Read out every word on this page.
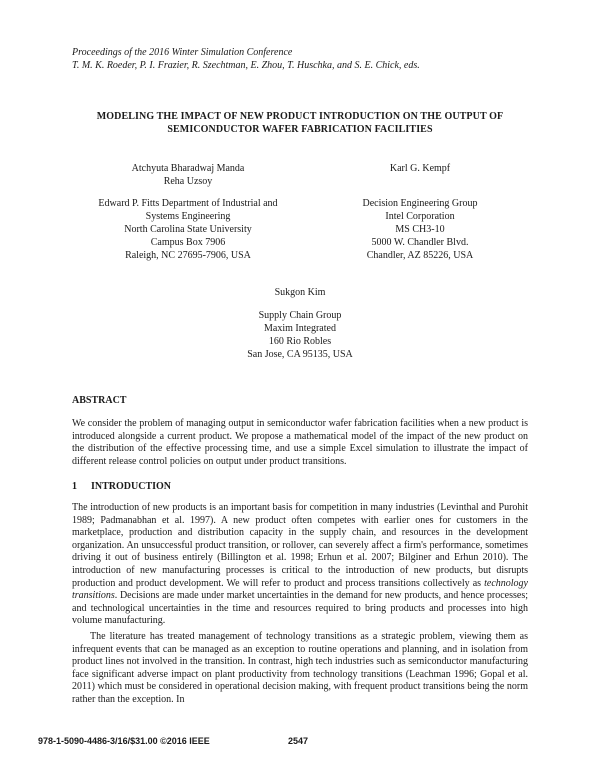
Proceedings of the 2016 Winter Simulation Conference
T. M. K. Roeder, P. I. Frazier, R. Szechtman, E. Zhou, T. Huschka, and S. E. Chick, eds.
MODELING THE IMPACT OF NEW PRODUCT INTRODUCTION ON THE OUTPUT OF
SEMICONDUCTOR WAFER FABRICATION FACILITIES
Atchyuta Bharadwaj Manda
Reha Uzsoy
Edward P. Fitts Department of Industrial and
Systems Engineering
North Carolina State University
Campus Box 7906
Raleigh, NC 27695-7906, USA
Karl G. Kempf
Decision Engineering Group
Intel Corporation
MS CH3-10
5000 W. Chandler Blvd.
Chandler, AZ 85226, USA
Sukgon Kim
Supply Chain Group
Maxim Integrated
160 Rio Robles
San Jose, CA 95135, USA
ABSTRACT

We consider the problem of managing output in semiconductor wafer fabrication facilities when a new product is introduced alongside a current product. We propose a mathematical model of the impact of the new product on the distribution of the effective processing time, and use a simple Excel simulation to illustrate the impact of different release control policies on output under product transitions.

1 INTRODUCTION

The introduction of new products is an important basis for competition in many industries (Levinthal and Purohit 1989; Padmanabhan et al. 1997). A new product often competes with earlier ones for customers in the marketplace, production and distribution capacity in the supply chain, and resources in the development organization. An unsuccessful product transition, or rollover, can severely affect a firm's performance, sometimes driving it out of business entirely (Billington et al. 1998; Erhun et al. 2007; Bilginer and Erhun 2010). The introduction of new manufacturing processes is critical to the introduction of new products, but disrupts production and product development. We will refer to product and process transitions collectively as technology transitions. Decisions are made under market uncertainties in the demand for new products, and hence processes; and technological uncertainties in the time and resources required to bring products and processes into high volume manufacturing.

The literature has treated management of technology transitions as a strategic problem, viewing them as infrequent events that can be managed as an exception to routine operations and planning, and in isolation from product lines not involved in the transition. In contrast, high tech industries such as semiconductor manufacturing face significant adverse impact on plant productivity from technology transitions (Leachman 1996; Gopal et al. 2011) which must be considered in operational decision making, with frequent product transitions being the norm rather than the exception. In

978-1-5090-4486-3/16/$31.00 ©2016 IEEE	2547
